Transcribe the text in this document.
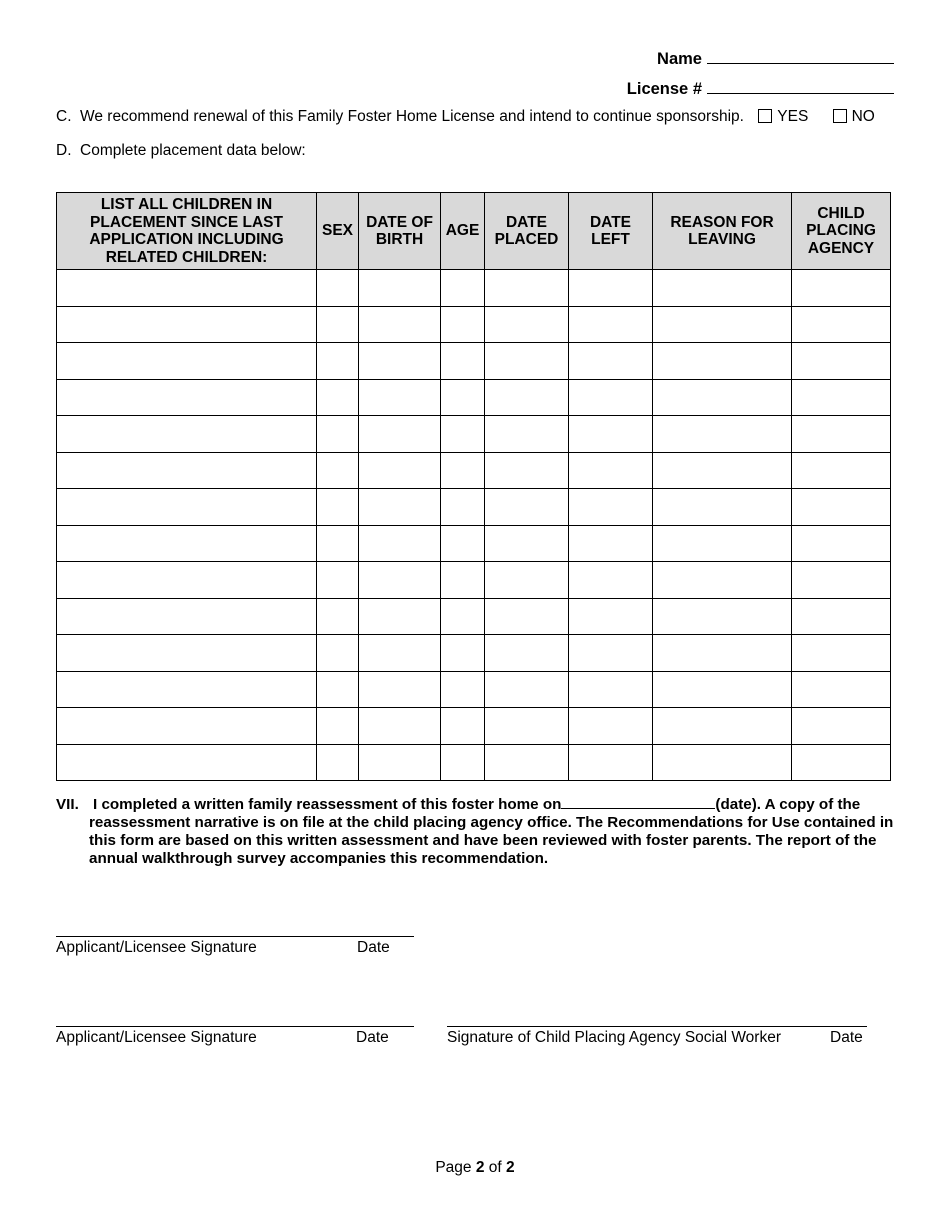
Name
License #
C. We recommend renewal of this Family Foster Home License and intend to continue sponsorship. YES	NO
D. Complete placement data below:
LIST ALL CHILDREN IN PLACEMENT SINCE LAST APPLICATION INCLUDING RELATED CHILDREN:	SEX	DATE OF BIRTH	AGE	DATE PLACED	DATE LEFT	REASON FOR LEAVING	CHILD PLACING AGENCY

VII. I completed a written family reassessment of this foster home on	(date). A copy of the reassessment narrative is on file at the child placing agency office. The Recommendations for Use contained in this form are based on this written assessment and have been reviewed with foster parents. The report of the annual walkthrough survey accompanies this recommendation.
Applicant/Licensee Signature	Date
Applicant/Licensee Signature	Date	Signature of Child Placing Agency Social Worker	Date
Page 2 of 2
